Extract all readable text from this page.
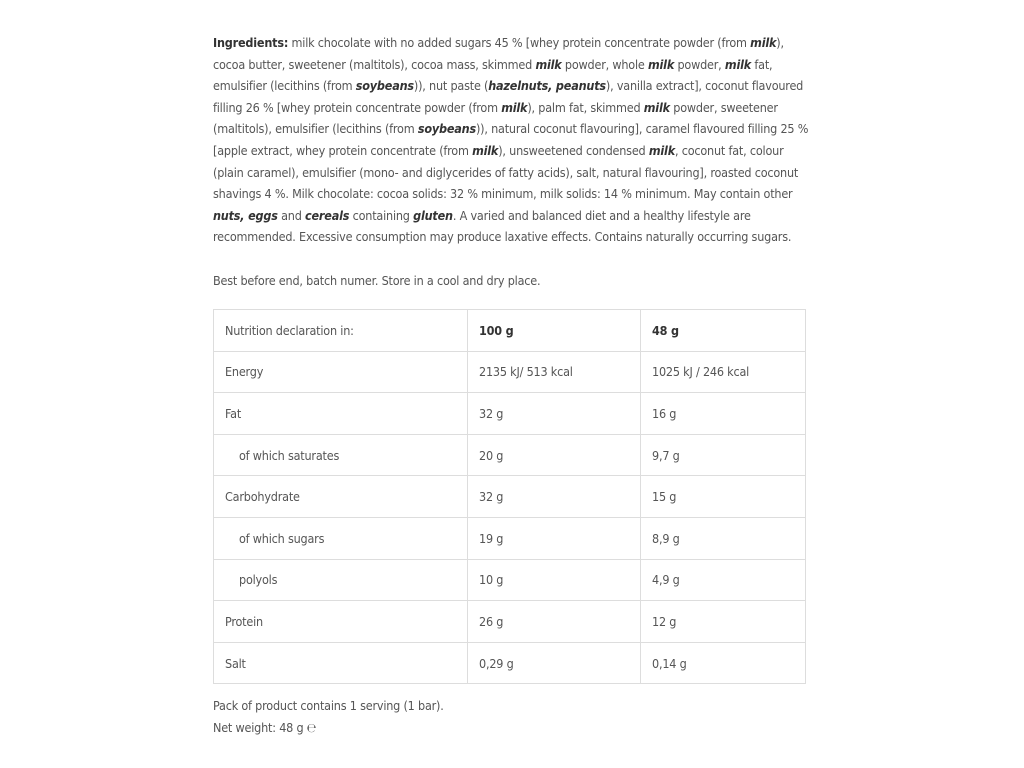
Ingredients: milk chocolate with no added sugars 45 % [whey protein concentrate powder (from milk), cocoa butter, sweetener (maltitols), cocoa mass, skimmed milk powder, whole milk powder, milk fat, emulsifier (lecithins (from soybeans)), nut paste (hazelnuts, peanuts), vanilla extract], coconut flavoured filling 26 % [whey protein concentrate powder (from milk), palm fat, skimmed milk powder, sweetener (maltitols), emulsifier (lecithins (from soybeans)), natural coconut flavouring], caramel flavoured filling 25 % [apple extract, whey protein concentrate (from milk), unsweetened condensed milk, coconut fat, colour (plain caramel), emulsifier (mono- and diglycerides of fatty acids), salt, natural flavouring], roasted coconut shavings 4 %. Milk chocolate: cocoa solids: 32 % minimum, milk solids: 14 % minimum. May contain other nuts, eggs and cereals containing gluten. A varied and balanced diet and a healthy lifestyle are recommended. Excessive consumption may produce laxative effects. Contains naturally occurring sugars.
Best before end, batch numer. Store in a cool and dry place.
Nutrition declaration in:	100 g	48 g
Energy	2135 kJ/ 513 kcal	1025 kJ / 246 kcal
Fat	32 g	16 g
of which saturates	20 g	9,7 g
Carbohydrate	32 g	15 g
of which sugars	19 g	8,9 g
polyols	10 g	4,9 g
Protein	26 g	12 g
Salt	0,29 g	0,14 g
Pack of product contains 1 serving (1 bar).
Net weight: 48 g ℮
